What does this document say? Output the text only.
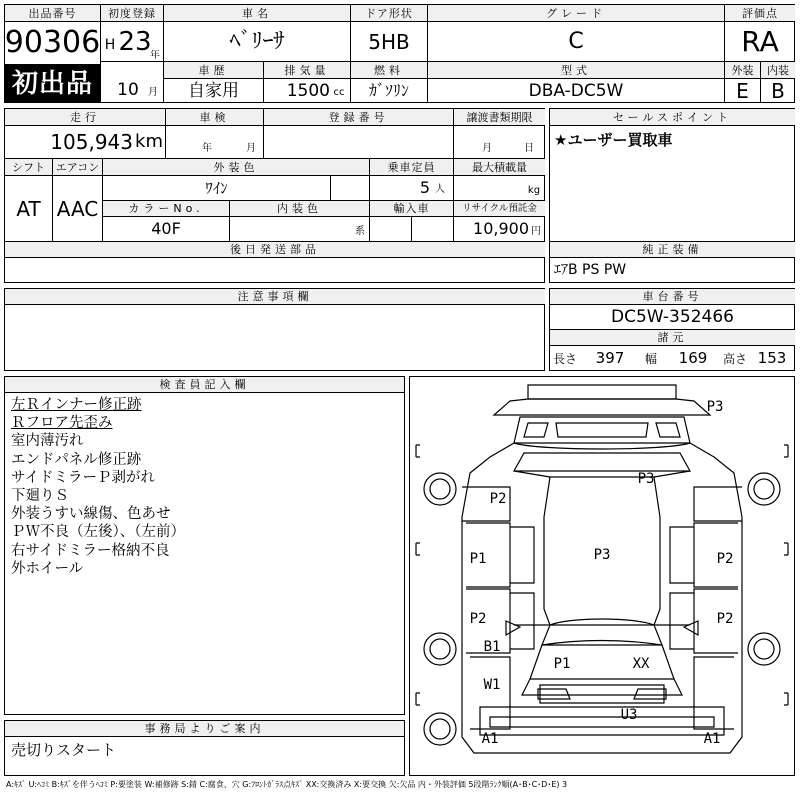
出品番号
90306
初出品
初度登録
H 23
年
10 月
車名
ﾍﾞﾘｰｻ
ドア形状
5HB
グレード
C
車歴
自家用
排気量
1500 cc
燃料
ｶﾞｿﾘﾝ
型式
DBA-DC5W
評価点
RA
外装	内装
E	B
走行
105,943 km
車検
年	月
登録番号	譲渡書類期限
月	日
シフト
AT
エアコン
AAC
外装色
ﾜｲﾝ
乗車定員
5 人
最大積載量
kg
カラーNo.
40F
内装色
系
輸入車	リサイクル預託金
10,900 円
後日発送部品
セールスポイント
★ユーザー買取車
純正装備
ｴｱB PS PW
注意事項欄	車台番号
DC5W-352466
諸元
長さ	397	幅	169	高さ 153
検査員記入欄
左Ｒインナー修正跡
Ｒフロア先歪み
室内薄汚れ
エンドパネル修正跡
サイドミラーＰ剥がれ
下廻りＳ
外装うすい線傷、色あせ
ＰＷ不良（左後）、（左前）
右サイドミラー格納不良
外ホイール
事務局よりご案内
売切りスタート
P3
P3
P2
P3
P1	P2
P2	P2
B1
P1	XX
W1
U3
A1	A1
A:ｷｽﾞ U:ﾍｺﾐ B:ｷｽﾞを伴うﾍｺﾐ P:要塗装 W:補修跡 S:錆 C:腐食、穴 G:ﾌﾛﾝﾄｶﾞﾗｽ点ｷｽﾞ XX:交換済み X:要交換 欠:欠品 内・外装評価 5段階ﾗﾝｸ順(A･B･C･D･E) 3
